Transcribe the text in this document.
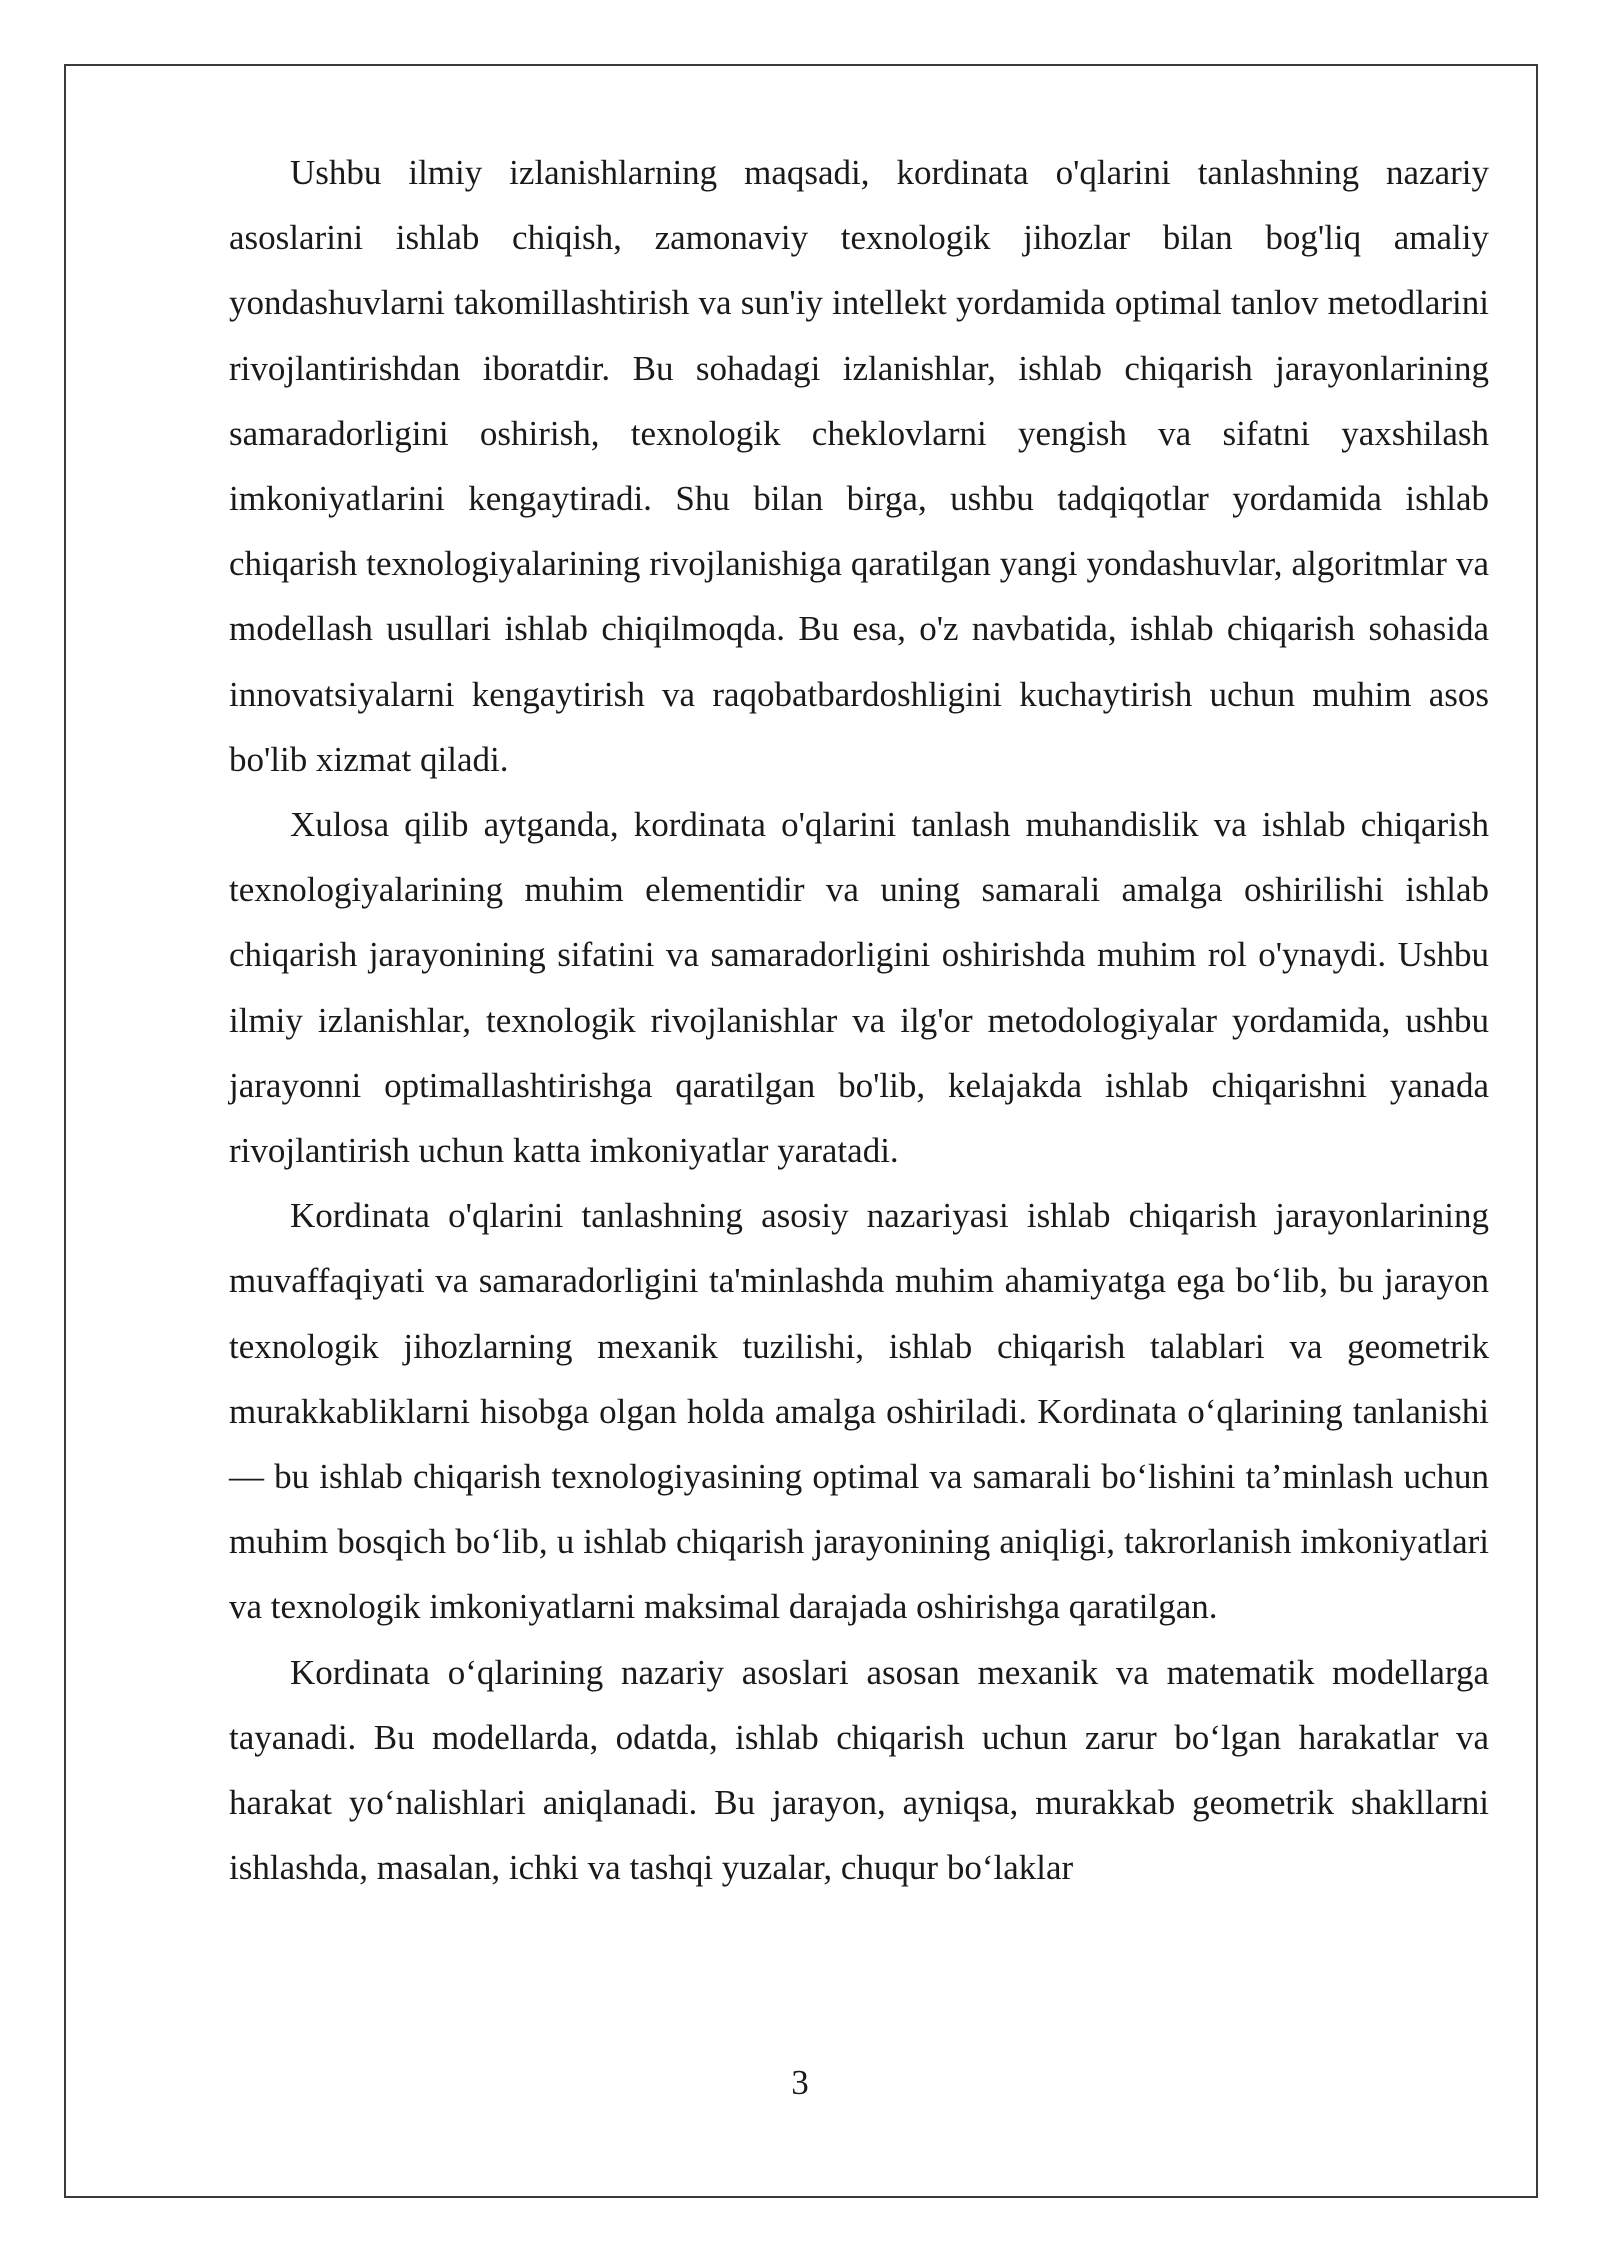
Ushbu ilmiy izlanishlarning maqsadi, kordinata o'qlarini tanlashning nazariy asoslarini ishlab chiqish, zamonaviy texnologik jihozlar bilan bog'liq amaliy yondashuvlarni takomillashtirish va sun'iy intellekt yordamida optimal tanlov metodlarini rivojlantirishdan iboratdir. Bu sohadagi izlanishlar, ishlab chiqarish jarayonlarining samaradorligini oshirish, texnologik cheklovlarni yengish va sifatni yaxshilash imkoniyatlarini kengaytiradi. Shu bilan birga, ushbu tadqiqotlar yordamida ishlab chiqarish texnologiyalarining rivojlanishiga qaratilgan yangi yondashuvlar, algoritmlar va modellash usullari ishlab chiqilmoqda. Bu esa, o'z navbatida, ishlab chiqarish sohasida innovatsiyalarni kengaytirish va raqobatbardoshligini kuchaytirish uchun muhim asos bo'lib xizmat qiladi.

Xulosa qilib aytganda, kordinata o'qlarini tanlash muhandislik va ishlab chiqarish texnologiyalarining muhim elementidir va uning samarali amalga oshirilishi ishlab chiqarish jarayonining sifatini va samaradorligini oshirishda muhim rol o'ynaydi. Ushbu ilmiy izlanishlar, texnologik rivojlanishlar va ilg'or metodologiyalar yordamida, ushbu jarayonni optimallashtirishga qaratilgan bo'lib, kelajakda ishlab chiqarishni yanada rivojlantirish uchun katta imkoniyatlar yaratadi.

Kordinata o'qlarini tanlashning asosiy nazariyasi ishlab chiqarish jarayonlarining muvaffaqiyati va samaradorligini ta'minlashda muhim ahamiyatga ega bo‘lib, bu jarayon texnologik jihozlarning mexanik tuzilishi, ishlab chiqarish talablari va geometrik murakkabliklarni hisobga olgan holda amalga oshiriladi. Kordinata o‘qlarining tanlanishi — bu ishlab chiqarish texnologiyasining optimal va samarali bo‘lishini ta’minlash uchun muhim bosqich bo‘lib, u ishlab chiqarish jarayonining aniqligi, takrorlanish imkoniyatlari va texnologik imkoniyatlarni maksimal darajada oshirishga qaratilgan.

Kordinata o‘qlarining nazariy asoslari asosan mexanik va matematik modellarga tayanadi. Bu modellarda, odatda, ishlab chiqarish uchun zarur bo‘lgan harakatlar va harakat yo‘nalishlari aniqlanadi. Bu jarayon, ayniqsa, murakkab geometrik shakllarni ishlashda, masalan, ichki va tashqi yuzalar, chuqur bo‘laklar

3
